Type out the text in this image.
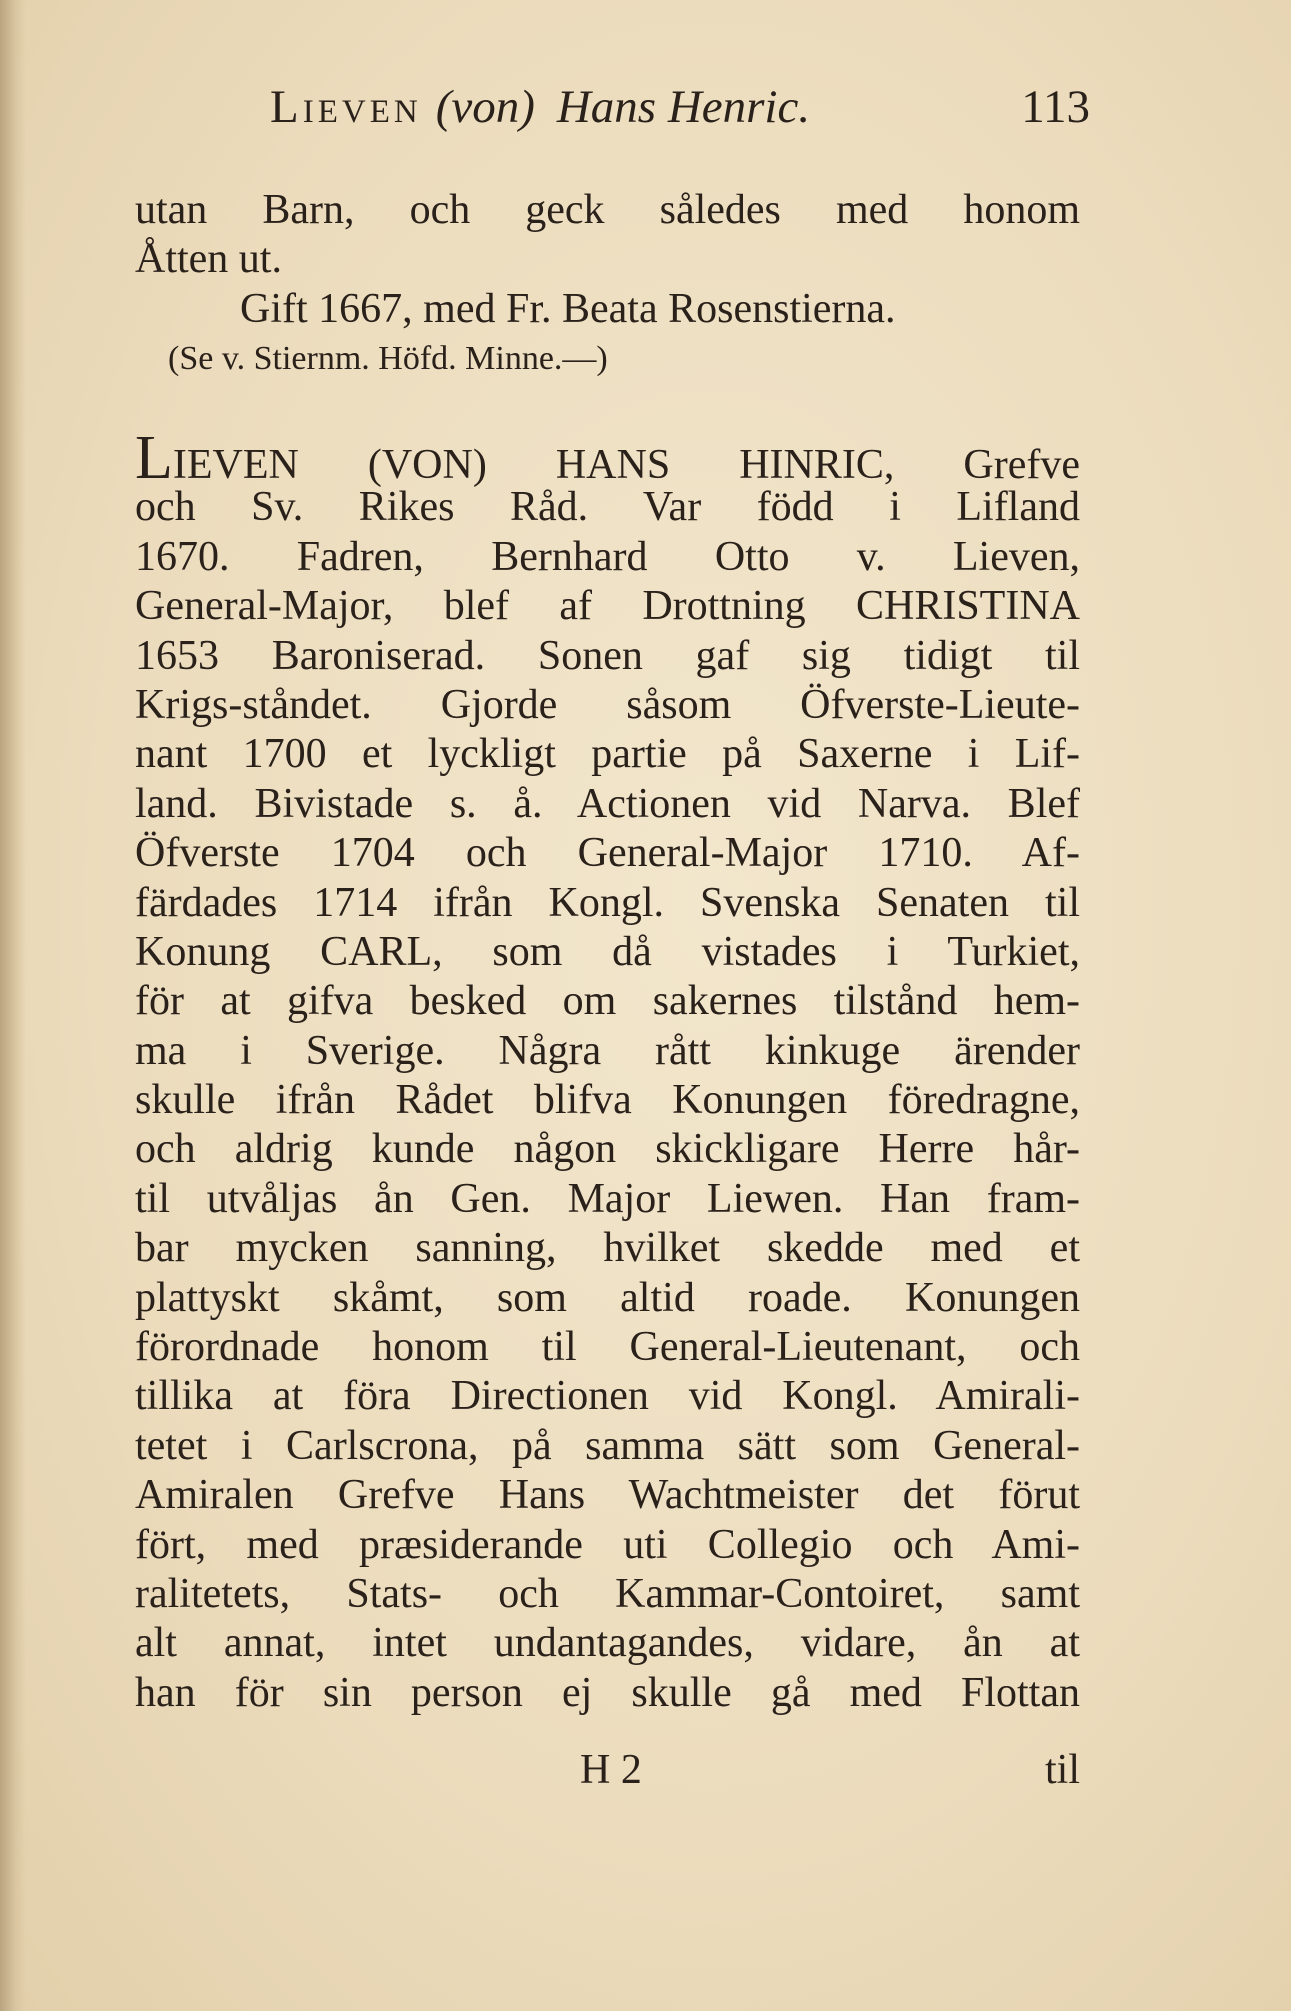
Lieven (von) Hans Henric.	113
utan Barn, och geck således med honom
Åtten ut.
Gift 1667, med Fr. Beata Rosenstierna.
(Se v. Stiernm. Höfd. Minne.—)
LIEVEN (VON) HANS HINRIC, Grefve
och Sv. Rikes Råd. Var född i Lifland
1670. Fadren, Bernhard Otto v. Lieven,
General-Major, blef af Drottning CHRISTINA
1653 Baroniserad. Sonen gaf sig tidigt til
Krigs-ståndet. Gjorde såsom Öfverste-Lieute-
nant 1700 et lyckligt partie på Saxerne i Lif-
land. Bivistade s. å. Actionen vid Narva. Blef
Öfverste 1704 och General-Major 1710. Af-
färdades 1714 ifrån Kongl. Svenska Senaten til
Konung CARL, som då vistades i Turkiet,
för at gifva besked om sakernes tilstånd hem-
ma i Sverige. Några rått kinkuge ärender
skulle ifrån Rådet blifva Konungen föredragne,
och aldrig kunde någon skickligare Herre hår-
til utvåljas ån Gen. Major Liewen. Han fram-
bar mycken sanning, hvilket skedde med et
plattyskt skåmt, som altid roade. Konungen
förordnade honom til General-Lieutenant, och
tillika at föra Directionen vid Kongl. Amirali-
tetet i Carlscrona, på samma sätt som General-
Amiralen Grefve Hans Wachtmeister det förut
fört, med præsiderande uti Collegio och Ami-
ralitetets, Stats- och Kammar-Contoiret, samt
alt annat, intet undantagandes, vidare, ån at
han för sin person ej skulle gå med Flottan
H 2	til
